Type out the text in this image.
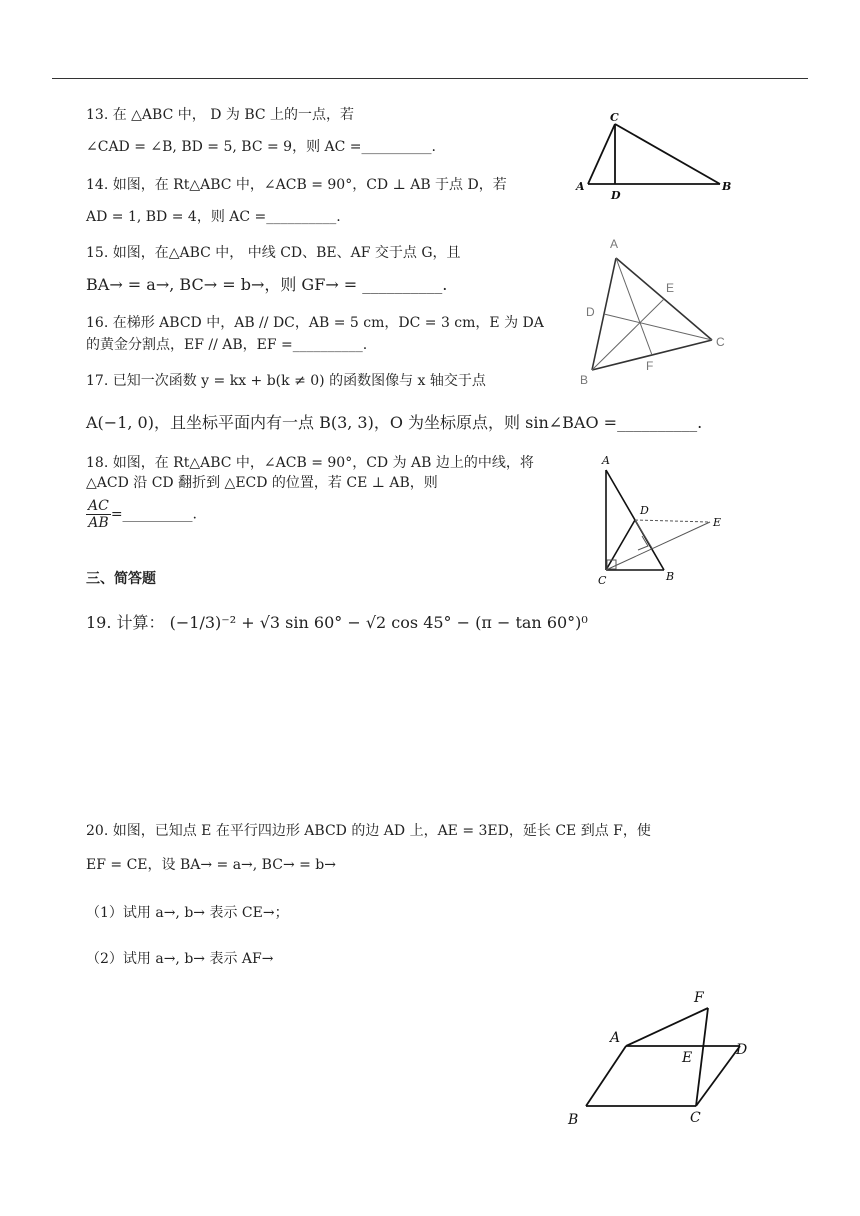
13. 在 △ABC 中， D 为 BC 上的一点，若
∠CAD = ∠B, BD = 5, BC = 9，则 AC =__________.
14. 如图，在 Rt△ABC 中，∠ACB = 90°，CD ⊥ AB 于点 D，若
AD = 1, BD = 4，则 AC =__________.
15. 如图，在△ABC 中， 中线 CD、BE、AF 交于点 G，且
BA→ = a→, BC→ = b→，则 GF→ = __________.
16. 在梯形 ABCD 中，AB // DC，AB = 5 cm，DC = 3 cm，E 为 DA
的黄金分割点，EF // AB，EF =__________.
17. 已知一次函数 y = kx + b(k ≠ 0) 的函数图像与 x 轴交于点
A(−1, 0)，且坐标平面内有一点 B(3, 3)，O 为坐标原点，则 sin∠BAO =__________.
18. 如图，在 Rt△ABC 中，∠ACB = 90°，CD 为 AB 边上的中线，将
△ACD 沿 CD 翻折到 △ECD 的位置，若 CE ⊥ AB，则
$\frac{AC}{AB}$ =__________.
三、简答题
19. 计算： (−1/3)⁻² + √3 sin 60° − √2 cos 45° − (π − tan 60°)⁰
20. 如图，已知点 E 在平行四边形 ABCD 的边 AD 上，AE = 3ED，延长 CE 到点 F，使
EF = CE，设 BA→ = a→, BC→ = b→
（1）试用 a→, b→ 表示 CE→；
（2）试用 a→, b→ 表示 AF→
C
A
D
B
A
E
D
C
F
B
A
D
E
C	B
F
A
E	D
B	C
